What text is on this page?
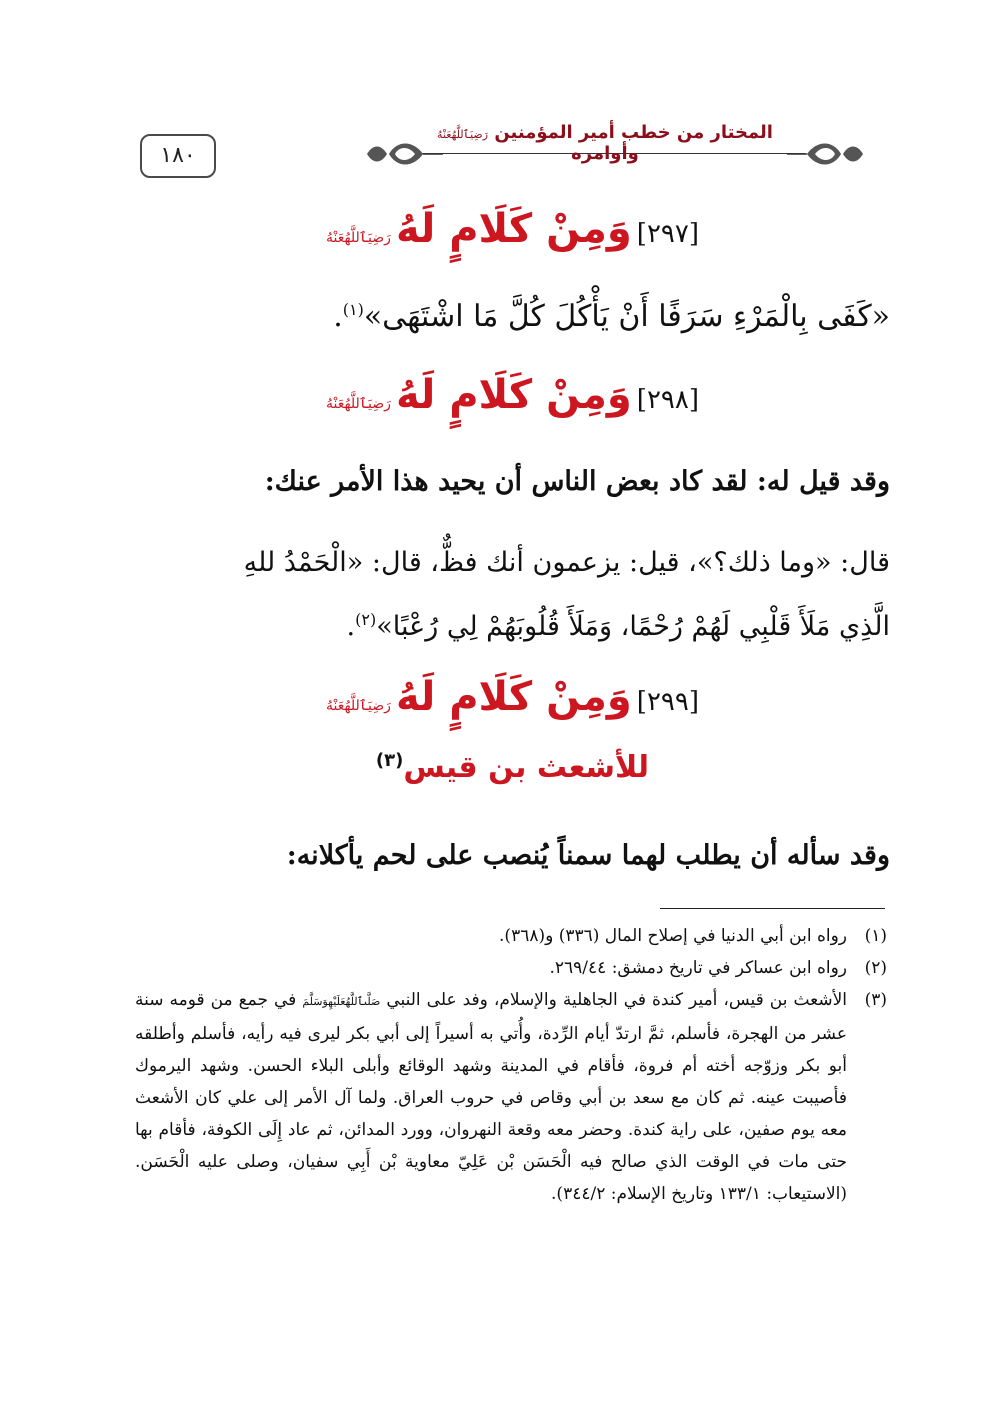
١٨٠
المختار من خطب أمير المؤمنين رَضِيَٱللَّهُعَنْهُ وأوامره
[٢٩٧] وَمِنْ كَلَامٍ لَهُ رَضِيَٱللَّهُعَنْهُ
«كَفَى بِالْمَرْءِ سَرَفًا أَنْ يَأْكُلَ كُلَّ مَا اشْتَهَى»$^{(١)}$.
[٢٩٨] وَمِنْ كَلَامٍ لَهُ رَضِيَٱللَّهُعَنْهُ
وقد قيل له: لقد كاد بعض الناس أن يحيد هذا الأمر عنك:
قال: «وما ذلك؟»، قيل: يزعمون أنك فظٌّ، قال: «الْحَمْدُ للهِ
الَّذِي مَلَأَ قَلْبِي لَهُمْ رُحْمًا، وَمَلَأَ قُلُوبَهُمْ لِي رُعْبًا»$^{(٢)}$.
[٢٩٩] وَمِنْ كَلَامٍ لَهُ رَضِيَٱللَّهُعَنْهُ
للأشعث بن قيس$^{(٣)}$
وقد سأله أن يطلب لهما سمناً يُنصب على لحم يأكلانه:

(١)
رواه ابن أبي الدنيا في إصلاح المال (٣٣٦) و(٣٦٨).

(٢)
رواه ابن عساكر في تاريخ دمشق: ٢٦٩/٤٤.

(٣)
الأشعث بن قيس، أمير كندة في الجاهلية والإسلام، وفد على النبي صَلَّىٱللَّهُعَلَيْهِوَسَلَّمَ في جمع من قومه سنة عشر من الهجرة، فأسلم، ثمَّ ارتدّ أيام الرِّدة، وأُتي به أسيراً إلى أبي بكر ليرى فيه رأيه، فأسلم وأطلقه أبو بكر وزوّجه أخته أم فروة، فأقام في المدينة وشهد الوقائع وأبلى البلاء الحسن. وشهد اليرموك فأصيبت عينه. ثم كان مع سعد بن أبي وقاص في حروب العراق. ولما آل الأمر إلى علي كان الأشعث معه يوم صفين، على راية كندة. وحضر معه وقعة النهروان، وورد المدائن، ثم عاد إِلَى الكوفة، فأقام بها حتى مات في الوقت الذي صالح فيه الْحَسَن بْن عَلِيّ معاوية بْن أَبِي سفيان، وصلى عليه الْحَسَن. (الاستيعاب: ١٣٣/١ وتاريخ الإسلام: ٣٤٤/٢).
